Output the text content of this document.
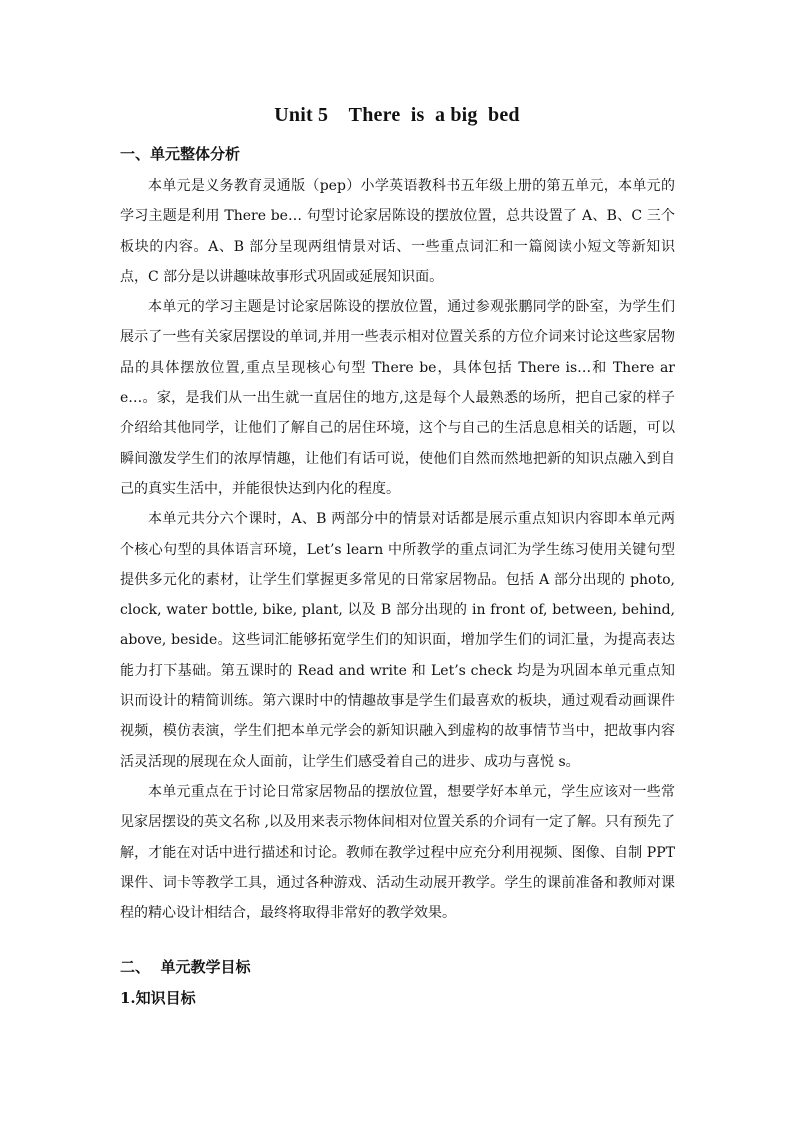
Unit 5    There  is  a big  bed
一、单元整体分析

本单元是义务教育灵通版（pep）小学英语教科书五年级上册的第五单元，本单元的学习主题是利用 There be… 句型讨论家居陈设的摆放位置，总共设置了 A、B、C 三个板块的内容。A、B 部分呈现两组情景对话、一些重点词汇和一篇阅读小短文等新知识点，C 部分是以讲趣味故事形式巩固或延展知识面。

本单元的学习主题是讨论家居陈设的摆放位置，通过参观张鹏同学的卧室，为学生们展示了一些有关家居摆设的单词,并用一些表示相对位置关系的方位介词来讨论这些家居物品的具体摆放位置,重点呈现核心句型 There be，具体包括 There is…和 There are…。家，是我们从一出生就一直居住的地方,这是每个人最熟悉的场所，把自己家的样子介绍给其他同学，让他们了解自己的居住环境，这个与自己的生活息息相关的话题，可以瞬间激发学生们的浓厚情趣，让他们有话可说，使他们自然而然地把新的知识点融入到自己的真实生活中，并能很快达到内化的程度。

本单元共分六个课时，A、B 两部分中的情景对话都是展示重点知识内容即本单元两个核心句型的具体语言环境，Let’s learn 中所教学的重点词汇为学生练习使用关键句型提供多元化的素材，让学生们掌握更多常见的日常家居物品。包括 A 部分出现的 photo, clock, water bottle, bike, plant, 以及 B 部分出现的 in front of, between, behind, above, beside。这些词汇能够拓宽学生们的知识面，增加学生们的词汇量，为提高表达能力打下基础。第五课时的 Read and write 和 Let’s check 均是为巩固本单元重点知识而设计的精简训练。第六课时中的情趣故事是学生们最喜欢的板块，通过观看动画课件视频，模仿表演，学生们把本单元学会的新知识融入到虚构的故事情节当中，把故事内容活灵活现的展现在众人面前，让学生们感受着自己的进步、成功与喜悦 s。

本单元重点在于讨论日常家居物品的摆放位置，想要学好本单元，学生应该对一些常见家居摆设的英文名称 ,以及用来表示物体间相对位置关系的介词有一定了解。只有预先了解，才能在对话中进行描述和讨论。教师在教学过程中应充分利用视频、图像、自制 PPT 课件、词卡等教学工具，通过各种游戏、活动生动展开教学。学生的课前准备和教师对课程的精心设计相结合，最终将取得非常好的教学效果。

二、  单元教学目标
1.知识目标
